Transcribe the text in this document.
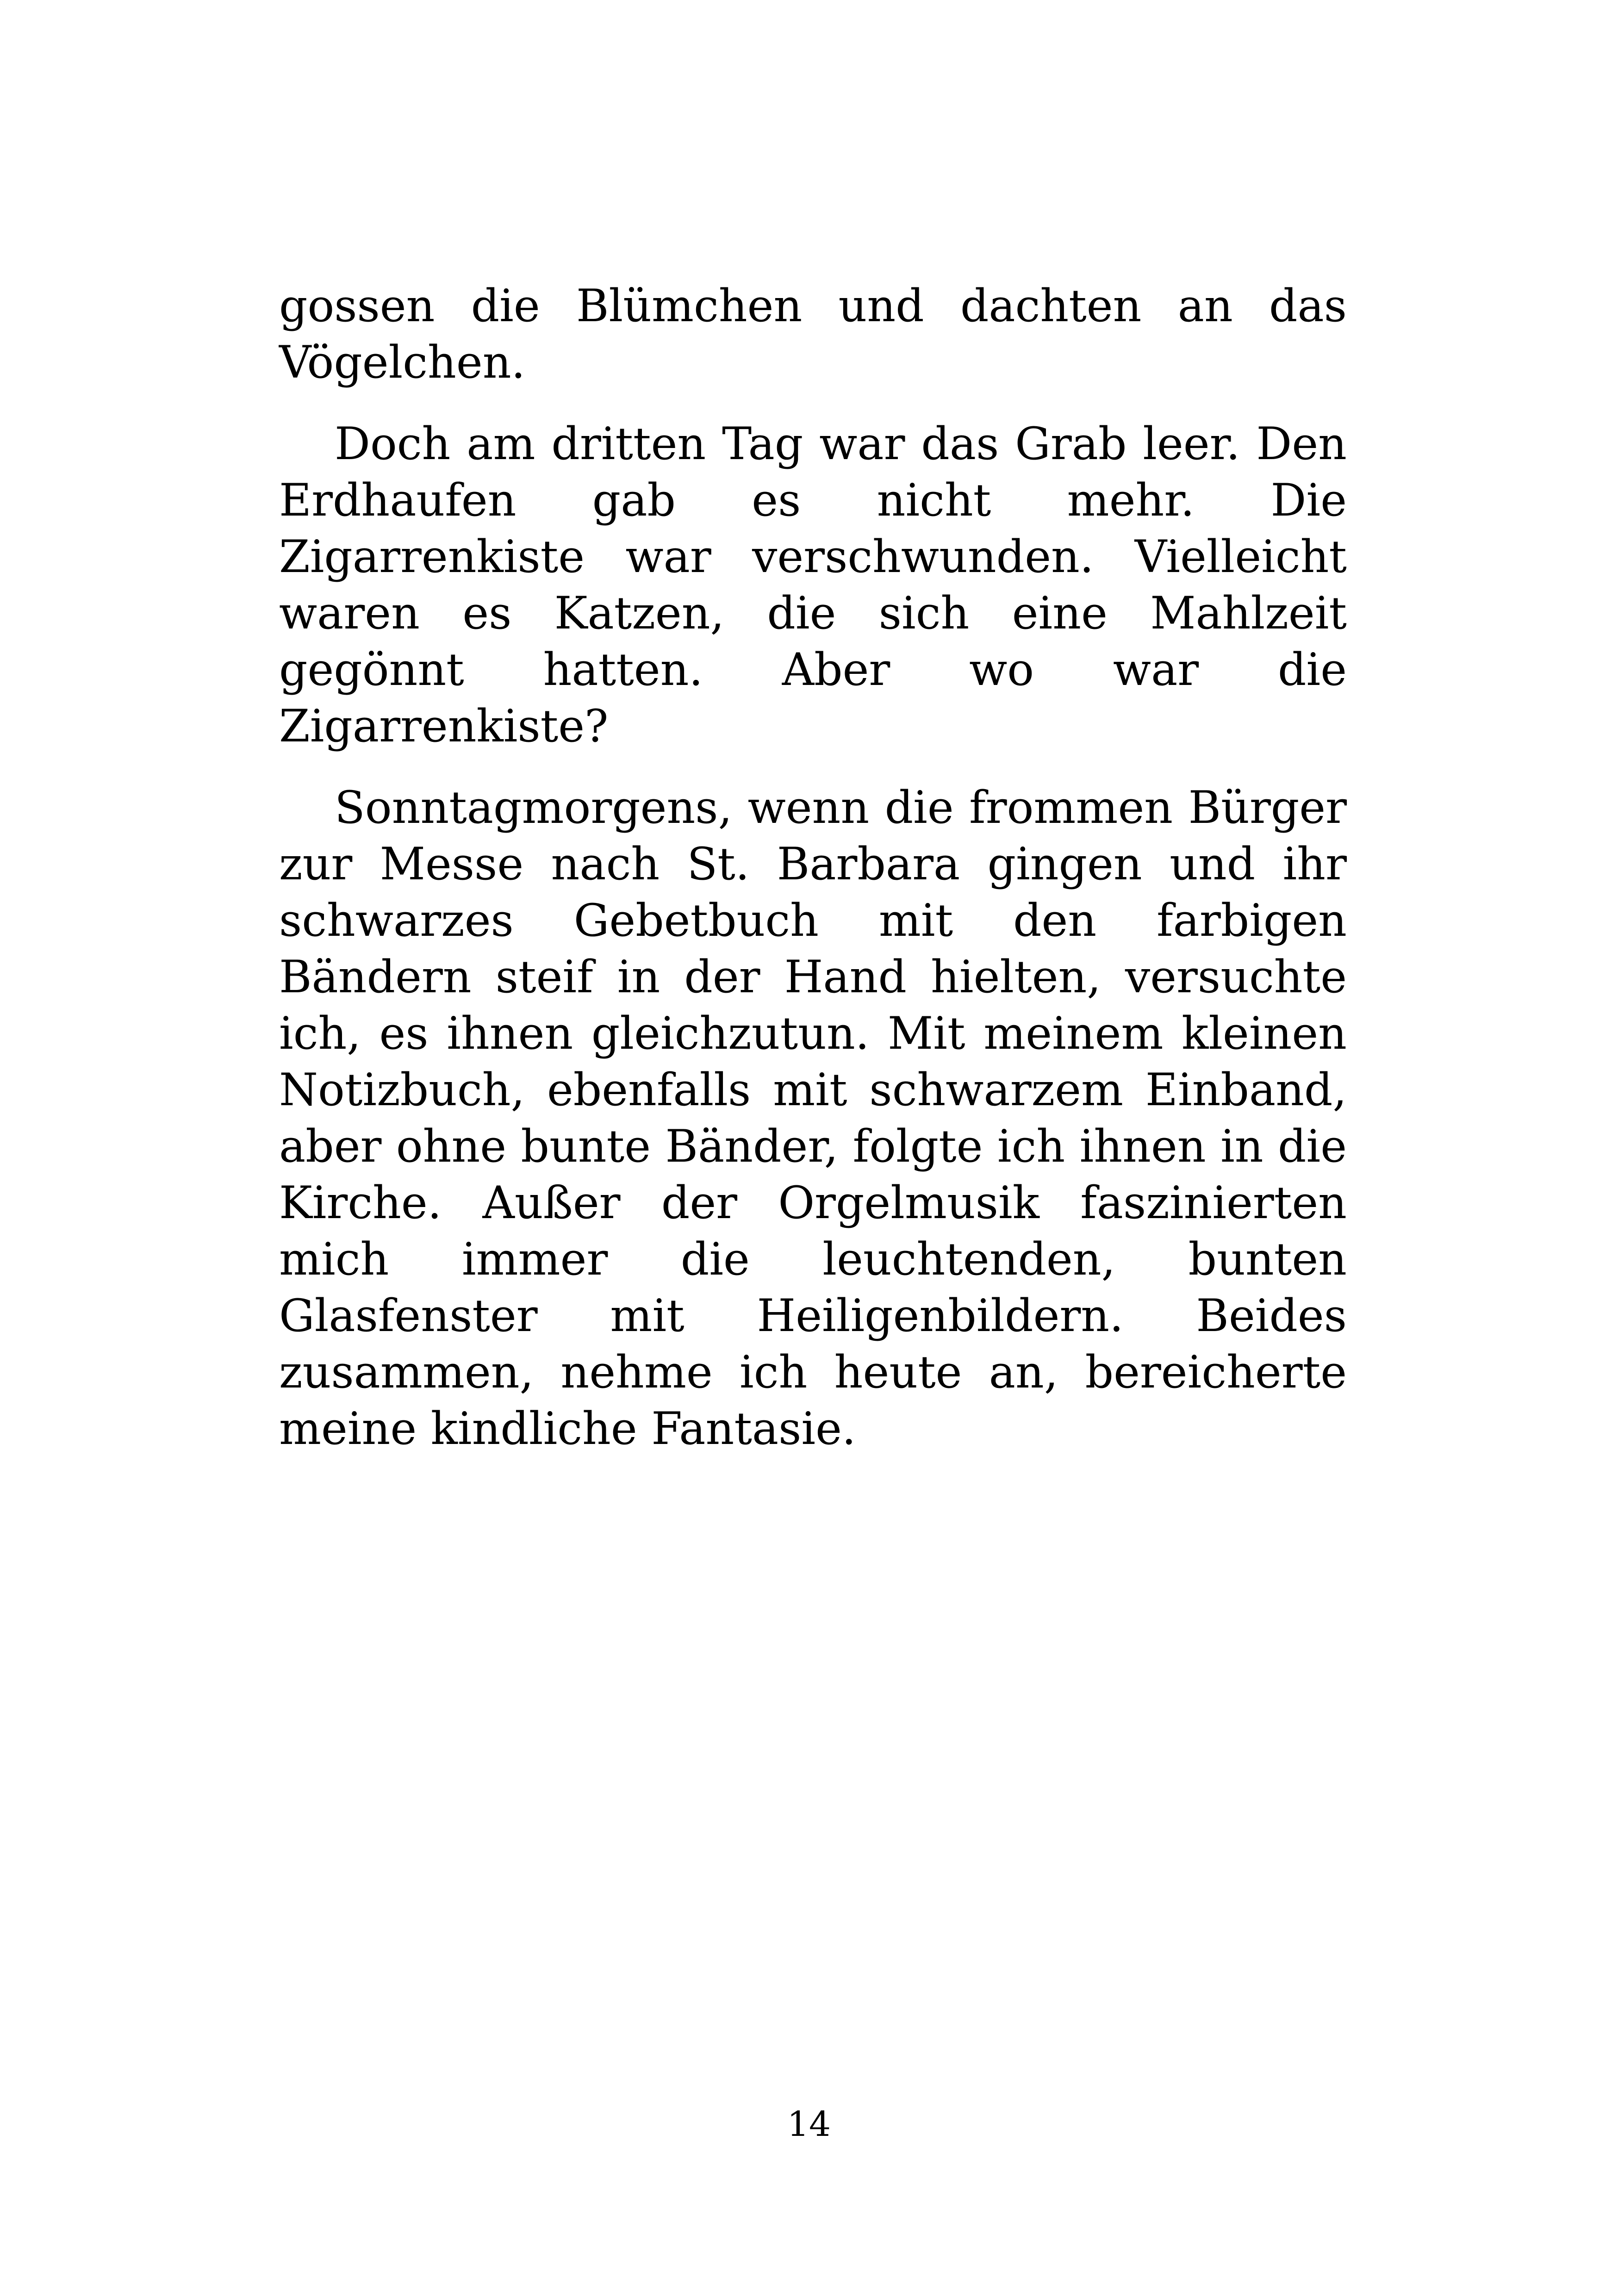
gossen die Blümchen und dachten an das Vögelchen.

Doch am dritten Tag war das Grab leer. Den Erdhaufen gab es nicht mehr. Die Zigarrenkiste war verschwunden. Vielleicht waren es Katzen, die sich eine Mahlzeit gegönnt hatten. Aber wo war die Zigarrenkiste?

Sonntagmorgens, wenn die frommen Bürger zur Messe nach St. Barbara gingen und ihr schwarzes Gebetbuch mit den farbigen Bändern steif in der Hand hielten, versuchte ich, es ihnen gleichzutun. Mit meinem kleinen Notizbuch, ebenfalls mit schwarzem Einband, aber ohne bunte Bänder, folgte ich ihnen in die Kirche. Außer der Orgelmusik faszinierten mich immer die leuchtenden, bunten Glasfenster mit Heiligenbildern. Beides zusammen, nehme ich heute an, bereicherte meine kindliche Fantasie.

14
